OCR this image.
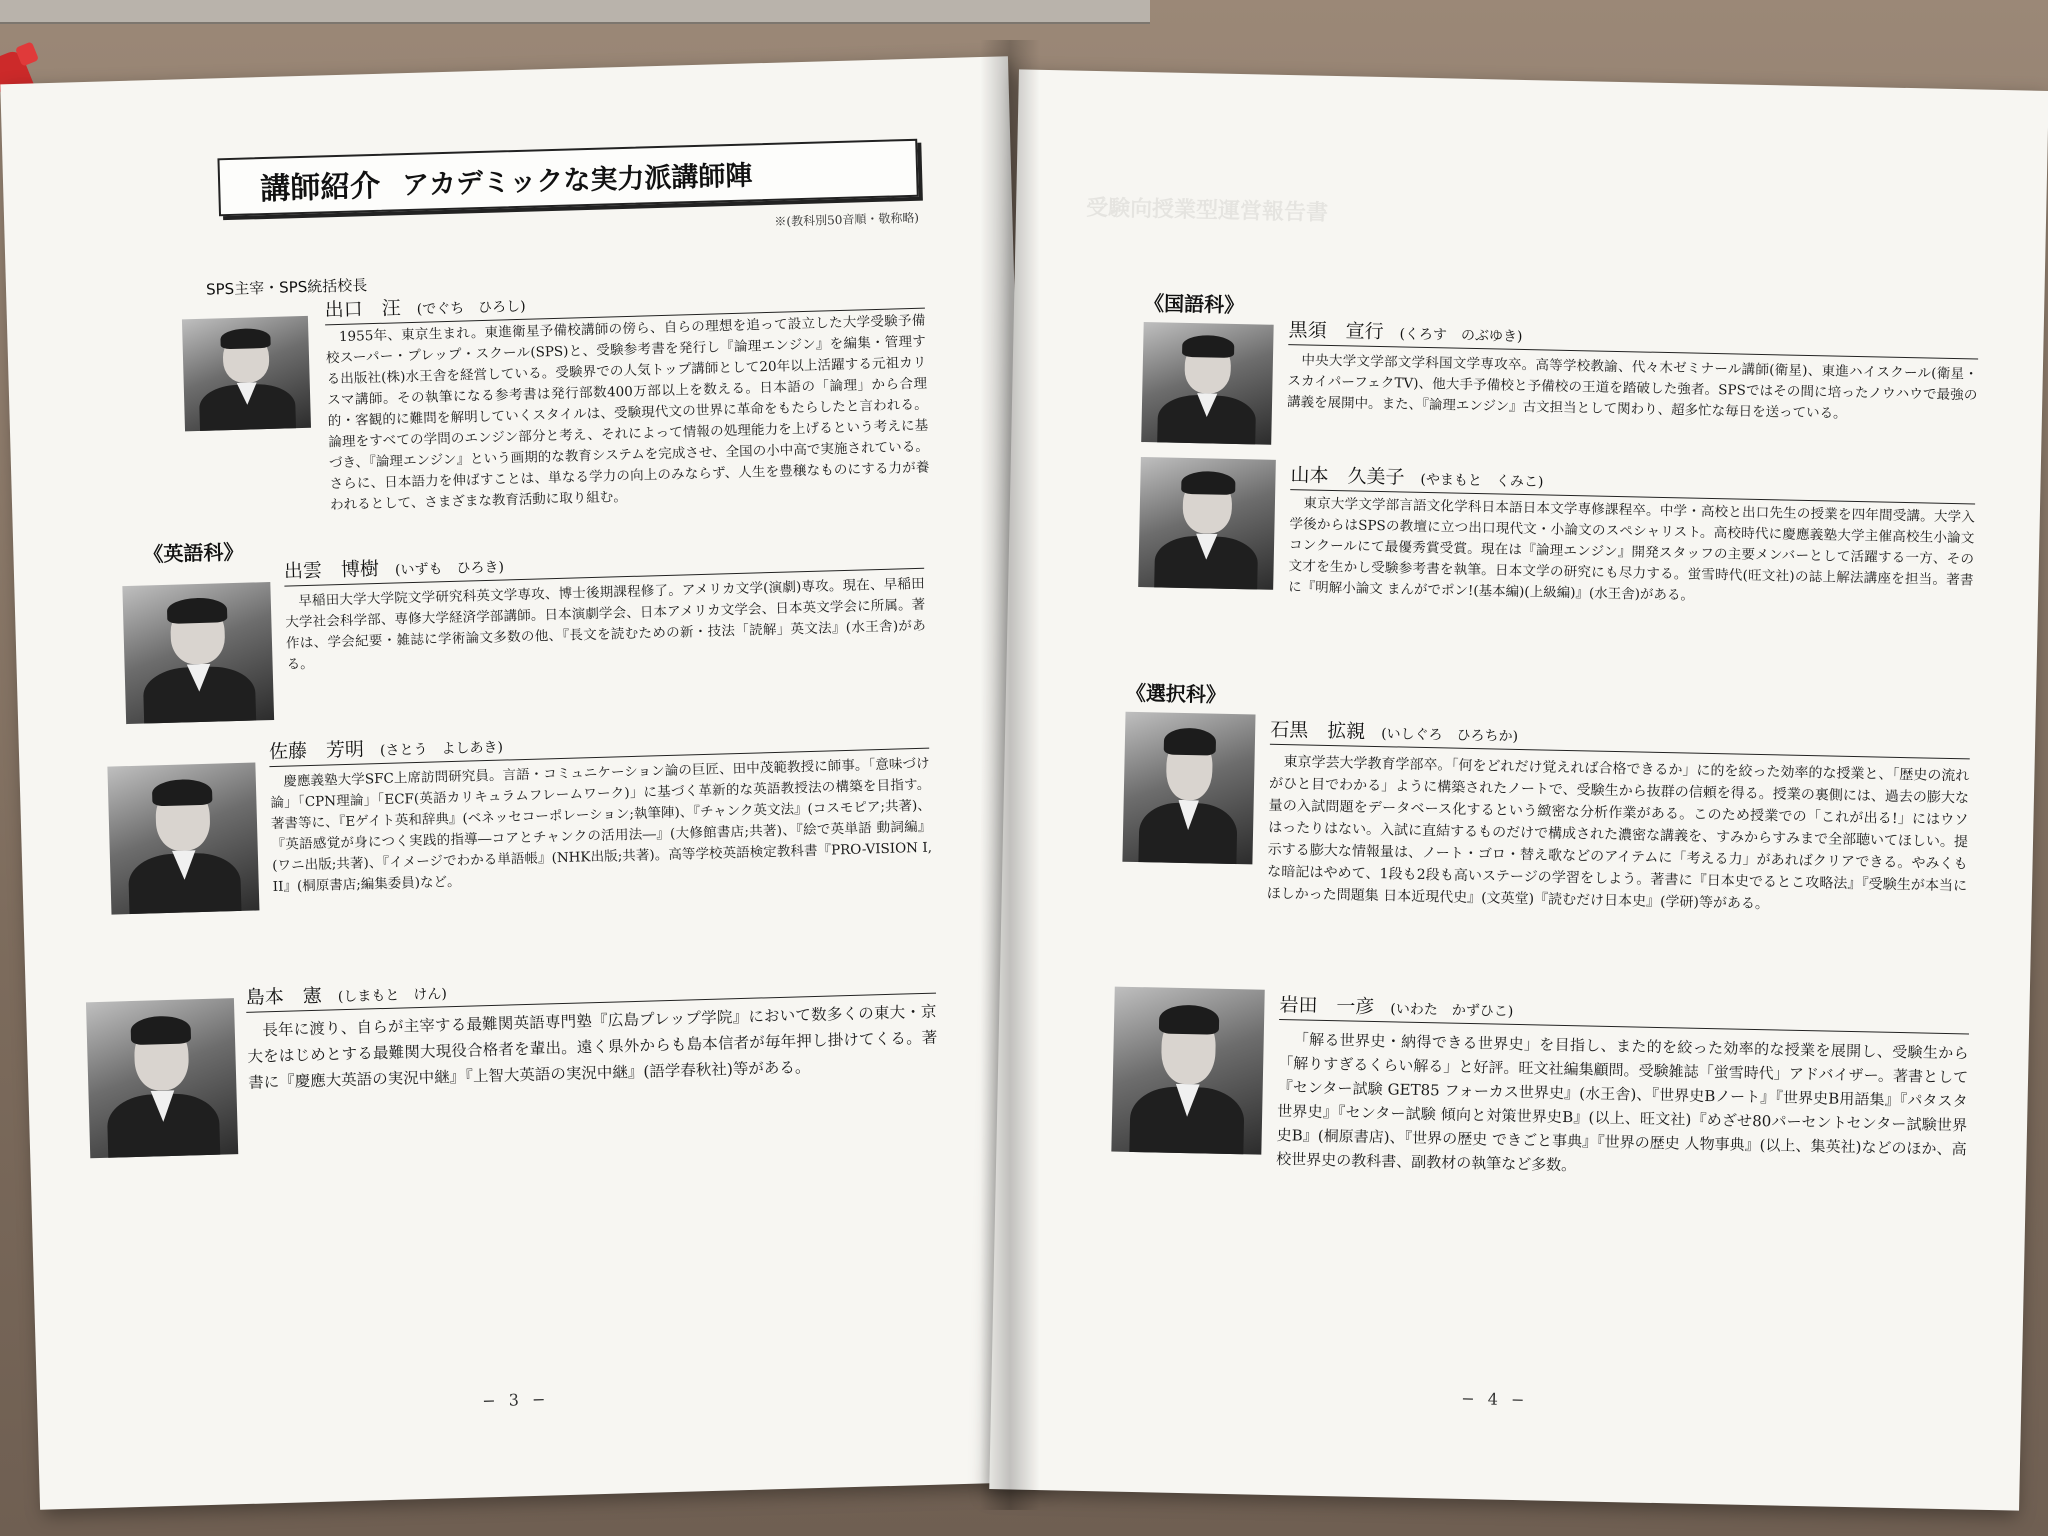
講師紹介 アカデミックな実力派講師陣
※(教科別50音順・敬称略)
SPS主宰・SPS統括校長
出口　汪 (でぐち　ひろし)
1955年、東京生まれ。東進衛星予備校講師の傍ら、自らの理想を追って設立した大学受験予備校スーパー・プレップ・スクール(SPS)と、受験参考書を発行し『論理エンジン』を編集・管理する出版社(株)水王舎を経営している。受験界での人気トップ講師として20年以上活躍する元祖カリスマ講師。その執筆になる参考書は発行部数400万部以上を数える。日本語の「論理」から合理的・客観的に難問を解明していくスタイルは、受験現代文の世界に革命をもたらしたと言われる。論理をすべての学問のエンジン部分と考え、それによって情報の処理能力を上げるという考えに基づき、『論理エンジン』という画期的な教育システムを完成させ、全国の小中高で実施されている。さらに、日本語力を伸ばすことは、単なる学力の向上のみならず、人生を豊穣なものにする力が養われるとして、さまざまな教育活動に取り組む。
《英語科》
出雲　博樹 (いずも　ひろき)
早稲田大学大学院文学研究科英文学専攻、博士後期課程修了。アメリカ文学(演劇)専攻。現在、早稲田大学社会科学部、専修大学経済学部講師。日本演劇学会、日本アメリカ文学会、日本英文学会に所属。著作は、学会紀要・雑誌に学術論文多数の他、『長文を読むための新・技法「読解」英文法』(水王舎)がある。
佐藤　芳明 (さとう　よしあき)
慶應義塾大学SFC上席訪問研究員。言語・コミュニケーション論の巨匠、田中茂範教授に師事。「意味づけ論」「CPN理論」「ECF(英語カリキュラムフレームワーク)」に基づく革新的な英語教授法の構築を目指す。著書等に、『Eゲイト英和辞典』(ベネッセコーポレーション;執筆陣)、『チャンク英文法』(コスモピア;共著)、『英語感覚が身につく実践的指導―コアとチャンクの活用法―』(大修館書店;共著)、『絵で英単語 動詞編』(ワニ出版;共著)、『イメージでわかる単語帳』(NHK出版;共著)。高等学校英語検定教科書『PRO-VISION I, II』(桐原書店;編集委員)など。
島本　憲 (しまもと　けん)
長年に渡り、自らが主宰する最難関英語専門塾『広島プレップ学院』において数多くの東大・京大をはじめとする最難関大現役合格者を輩出。遠く県外からも島本信者が毎年押し掛けてくる。著書に『慶應大英語の実況中継』『上智大英語の実況中継』(語学春秋社)等がある。
− 3 −
受験向授業型運営報告書
《国語科》
黒須　宣行 (くろす　のぶゆき)
中央大学文学部文学科国文学専攻卒。高等学校教諭、代々木ゼミナール講師(衛星)、東進ハイスクール(衛星・スカイパーフェクTV)、他大手予備校と予備校の王道を踏破した強者。SPSではその間に培ったノウハウで最強の講義を展開中。また、『論理エンジン』古文担当として関わり、超多忙な毎日を送っている。
山本　久美子 (やまもと　くみこ)
東京大学文学部言語文化学科日本語日本文学専修課程卒。中学・高校と出口先生の授業を四年間受講。大学入学後からはSPSの教壇に立つ出口現代文・小論文のスペシャリスト。高校時代に慶應義塾大学主催高校生小論文コンクールにて最優秀賞受賞。現在は『論理エンジン』開発スタッフの主要メンバーとして活躍する一方、その文才を生かし受験参考書を執筆。日本文学の研究にも尽力する。蛍雪時代(旺文社)の誌上解法講座を担当。著書に『明解小論文 まんがでポン!(基本編)(上級編)』(水王舎)がある。
《選択科》
石黒　拡親 (いしぐろ　ひろちか)
東京学芸大学教育学部卒。「何をどれだけ覚えれば合格できるか」に的を絞った効率的な授業と、「歴史の流れがひと目でわかる」ように構築されたノートで、受験生から抜群の信頼を得る。授業の裏側には、過去の膨大な量の入試問題をデータベース化するという緻密な分析作業がある。このため授業での「これが出る!」にはウソはったりはない。入試に直結するものだけで構成された濃密な講義を、すみからすみまで全部聴いてほしい。提示する膨大な情報量は、ノート・ゴロ・替え歌などのアイテムに「考える力」があればクリアできる。やみくもな暗記はやめて、1段も2段も高いステージの学習をしよう。著書に『日本史でるとこ攻略法』『受験生が本当にほしかった問題集 日本近現代史』(文英堂)『読むだけ日本史』(学研)等がある。
岩田　一彦 (いわた　かずひこ)
「解る世界史・納得できる世界史」を目指し、また的を絞った効率的な授業を展開し、受験生から「解りすぎるくらい解る」と好評。旺文社編集顧問。受験雑誌「蛍雪時代」アドバイザー。著書として『センター試験 GET85 フォーカス世界史』(水王舎)、『世界史Bノート』『世界史B用語集』『パタスタ世界史』『センター試験 傾向と対策世界史B』(以上、旺文社)『めざせ80パーセントセンター試験世界史B』(桐原書店)、『世界の歴史 できごと事典』『世界の歴史 人物事典』(以上、集英社)などのほか、高校世界史の教科書、副教材の執筆など多数。
− 4 −
